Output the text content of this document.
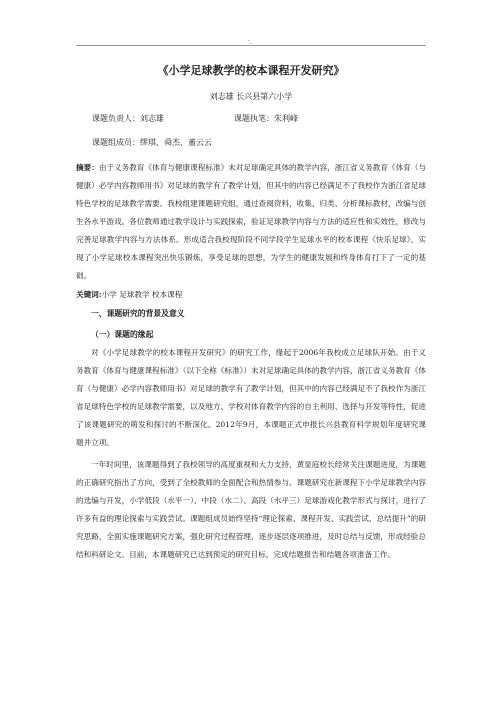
-_
《小学足球教学的校本课程开发研究》
刘志雄 长兴县第六小学
课题负责人：刘志雄	课题执笔：朱利峰
课题组成员：缪琪、舜杰、董云云

摘要：由于义务教育《体育与健康课程标准》未对足球确定具体的教学内容，浙江省义务教育《体育（与健康）必学内容教师用书》对足球的教学有了教学计划，但其中的内容已经满足不了我校作为浙江省足球特色学校的足球教学需要。我校组建课题研究组，通过查阅资料，收集、归类、分析课标教材，改编与创生各水平游戏。各位教师通过教学设计与实践探索，验证足球教学内容与方法的适应性和实效性，修改与完善足球教学内容与方法体系。形成适合我校现阶段不同学段学生足球水平的校本课程《快乐足球》，实现了小学足球校本课程突出快乐锻炼，享受足球的思想，为学生的健康发展和终身体育打下了一定的基础。

关键词:小学 足球教学 校本课程

一、课题研究的背景及意义
（一）课题的缘起

对《小学足球教学的校本课程开发研究》的研究工作，缘起于2006年我校成立足球队开始。由于义务教育《体育与健康课程标准》（以下全称《标准》）未对足球确定具体的教学内容，浙江省义务教育《体育（与健康）必学内容教师用书》对足球的教学有了教学计划，但其中的内容已经满足不了我校作为浙江省足球特色学校的足球教学需要，以及地方、学校对体育教学内容的自主利用、选择与开发等特性，促进了该课题研究的萌发和探讨的不断深化。2012年9月，本课题正式申报长兴县教育科学规划年度研究课题并立项。

一年时间里，该课题得到了我校领导的高度重视和大力支持，黄显庭校长经常关注课题进度，为课题的正确研究指出了方向，受到了全校教师的全面配合和热情参与。课题研究在新课程下小学足球教学内容的选编与开发，小学低段（水平一）、中段（水二）、高段（水平三）足球游戏化教学形式与探讨，进行了许多有益的理论探索与实践尝试。课题组成员始终坚持“理论探索、课程开发、实践尝试、总结提升”的研究思路，全面实施课题研究方案，强化研究过程管理，逐步逐层逐项推进，及时总结与反馈，形成经验总结和科研论文。目前，本课题研究已达到预定的研究目标，完成结题报告和结题各项准备工作。
